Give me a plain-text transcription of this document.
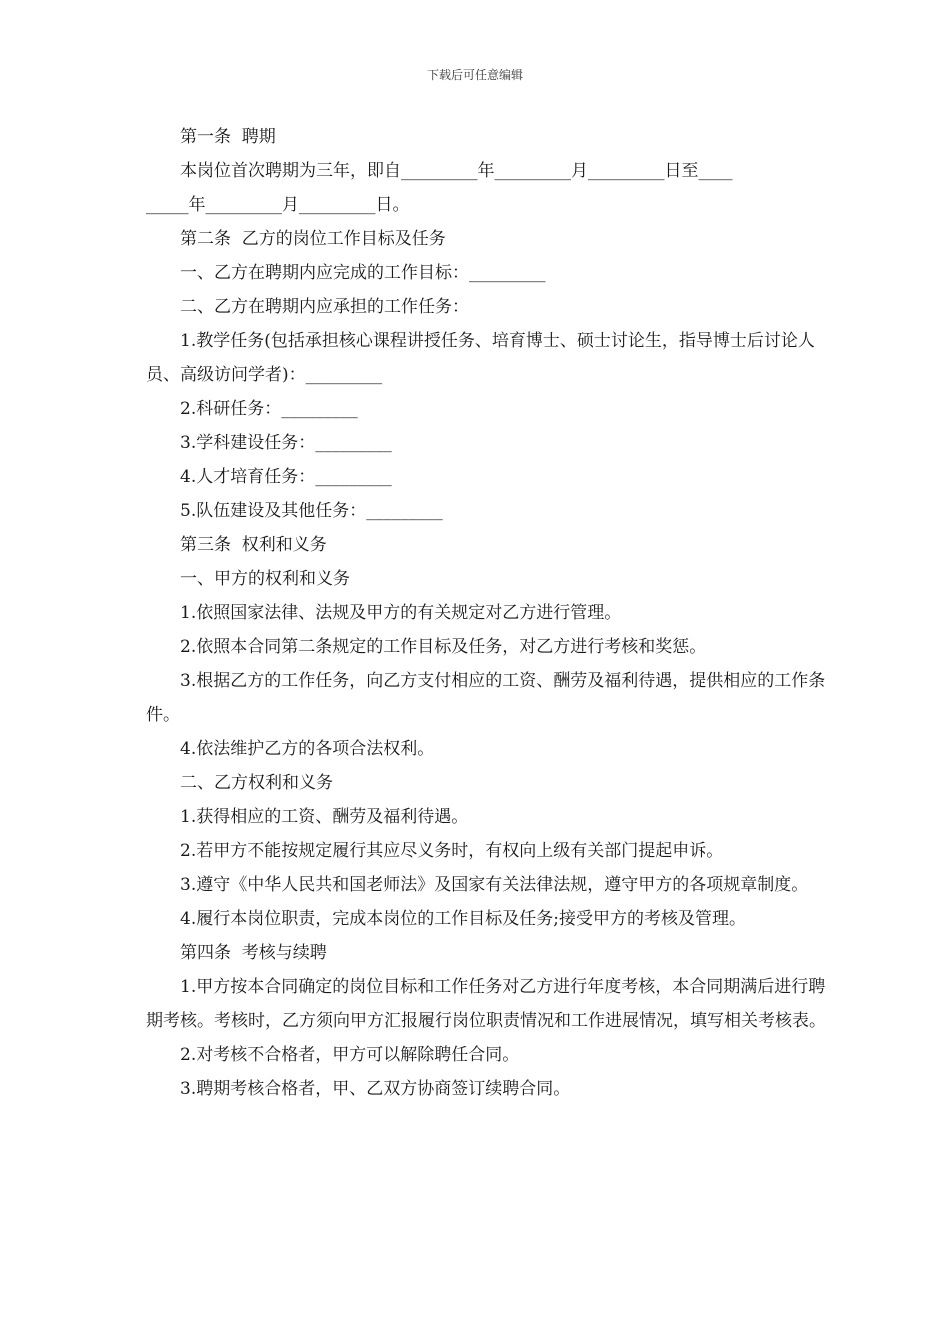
下载后可任意编辑

第一条  聘期

本岗位首次聘期为三年，即自_________年_________月_________日至____
_____年_________月_________日。

第二条  乙方的岗位工作目标及任务

一、乙方在聘期内应完成的工作目标：_________

二、乙方在聘期内应承担的工作任务：

1.教学任务(包括承担核心课程讲授任务、培育博士、硕士讨论生，指导博士后讨论人员、高级访问学者)：_________

2.科研任务：_________

3.学科建设任务：_________

4.人才培育任务：_________

5.队伍建设及其他任务：_________

第三条  权利和义务

一、甲方的权利和义务

1.依照国家法律、法规及甲方的有关规定对乙方进行管理。

2.依照本合同第二条规定的工作目标及任务，对乙方进行考核和奖惩。

3.根据乙方的工作任务，向乙方支付相应的工资、酬劳及福利待遇，提供相应的工作条件。

4.依法维护乙方的各项合法权利。

二、乙方权利和义务

1.获得相应的工资、酬劳及福利待遇。

2.若甲方不能按规定履行其应尽义务时，有权向上级有关部门提起申诉。

3.遵守《中华人民共和国老师法》及国家有关法律法规，遵守甲方的各项规章制度。

4.履行本岗位职责，完成本岗位的工作目标及任务;接受甲方的考核及管理。

第四条  考核与续聘

1.甲方按本合同确定的岗位目标和工作任务对乙方进行年度考核，本合同期满后进行聘期考核。考核时，乙方须向甲方汇报履行岗位职责情况和工作进展情况，填写相关考核表。

2.对考核不合格者，甲方可以解除聘任合同。

3.聘期考核合格者，甲、乙双方协商签订续聘合同。
